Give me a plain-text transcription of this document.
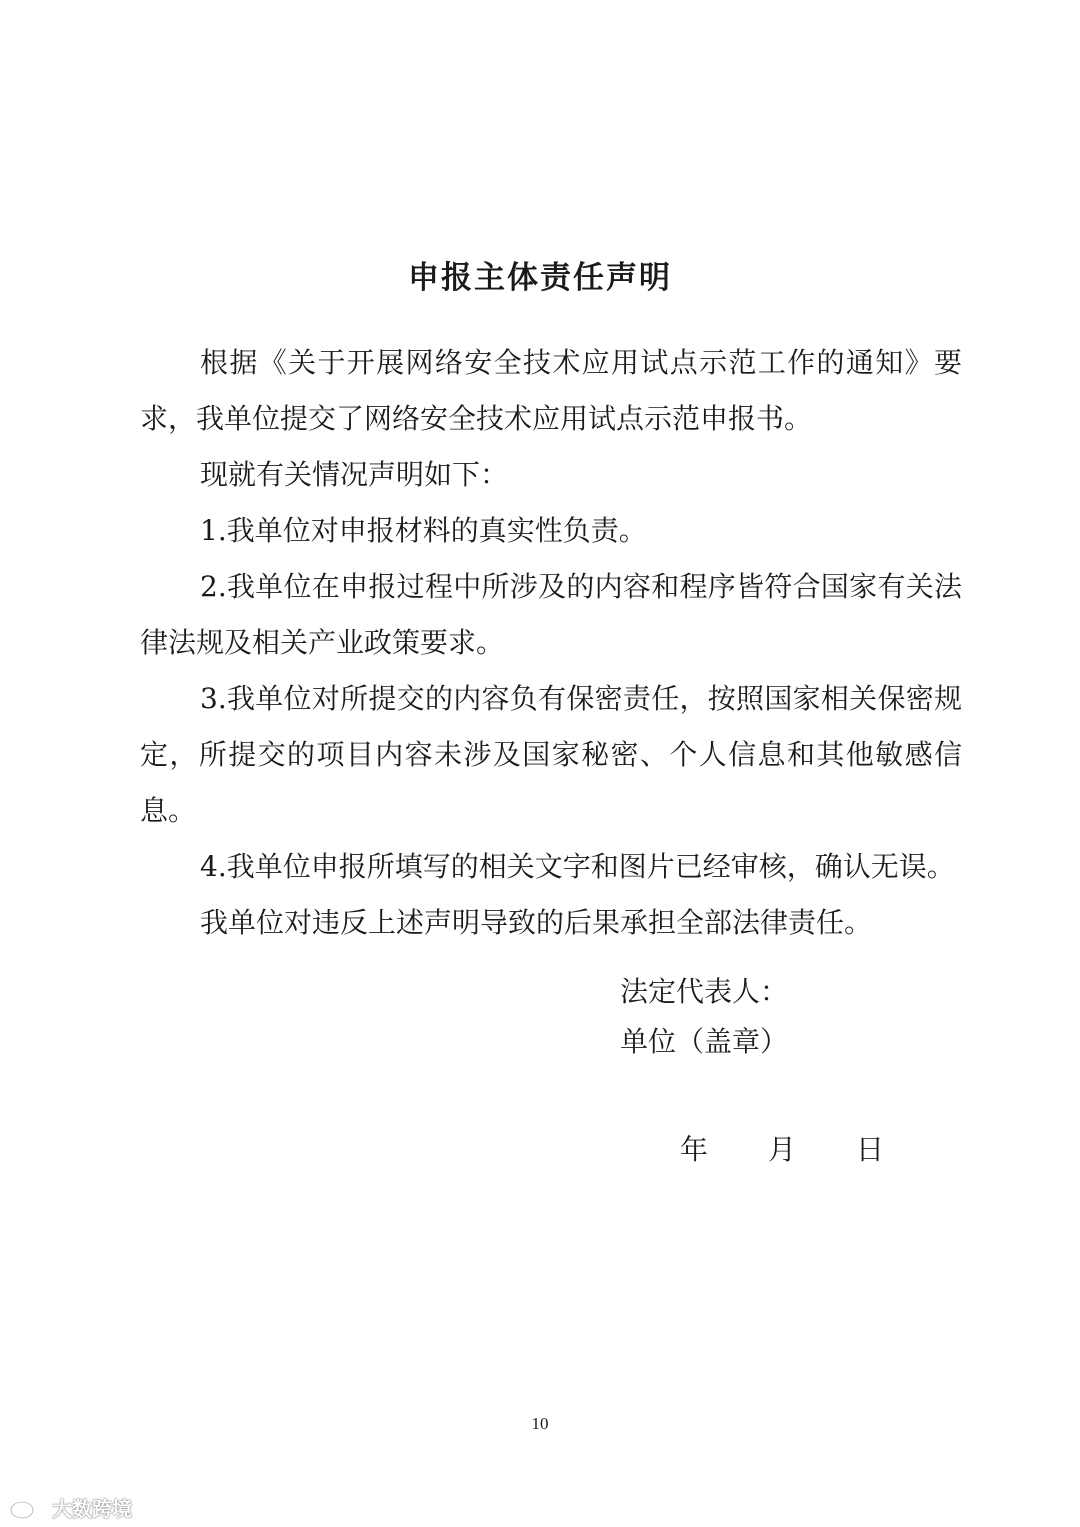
申报主体责任声明

根据《关于开展网络安全技术应用试点示范工作的通知》要求，我单位提交了网络安全技术应用试点示范申报书。

现就有关情况声明如下：

1.我单位对申报材料的真实性负责。

2.我单位在申报过程中所涉及的内容和程序皆符合国家有关法律法规及相关产业政策要求。

3.我单位对所提交的内容负有保密责任，按照国家相关保密规定，所提交的项目内容未涉及国家秘密、个人信息和其他敏感信息。

4.我单位申报所填写的相关文字和图片已经审核，确认无误。

我单位对违反上述声明导致的后果承担全部法律责任。

法定代表人：

单位（盖章）

年 月 日
10
大数跨境
